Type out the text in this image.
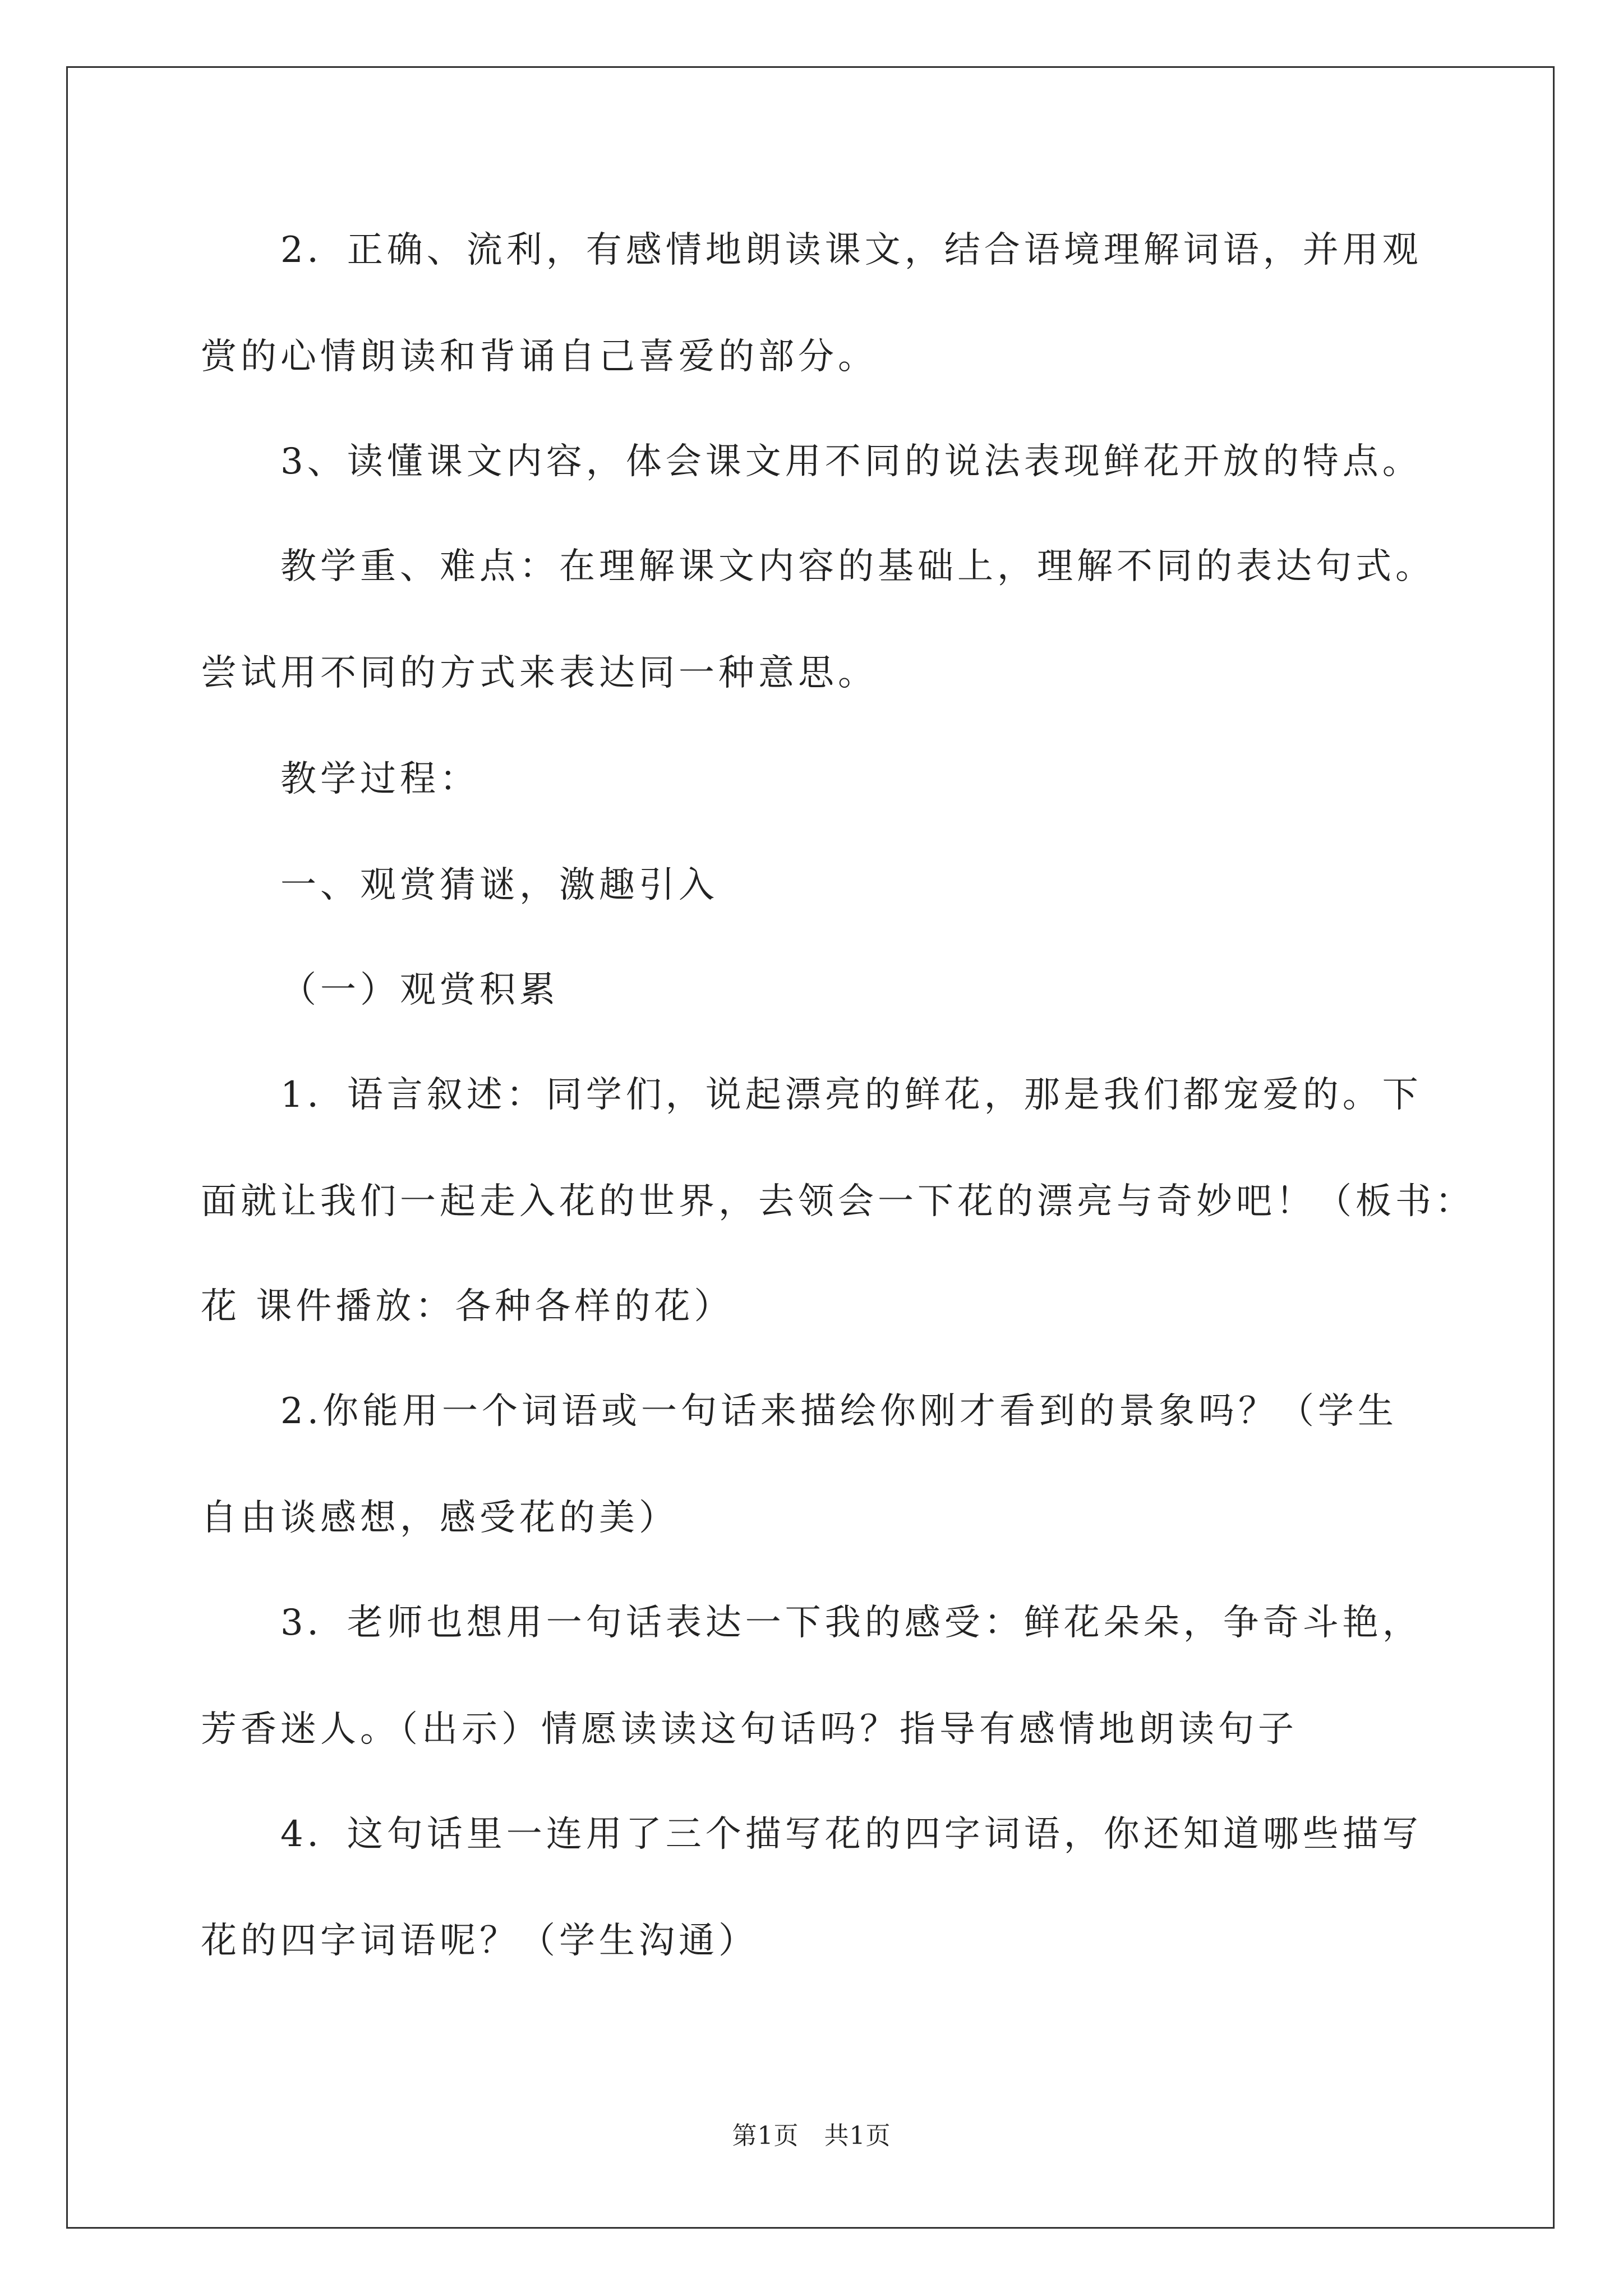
2．正确、流利，有感情地朗读课文，结合语境理解词语，并用观
赏的心情朗读和背诵自己喜爱的部分。
3、读懂课文内容，体会课文用不同的说法表现鲜花开放的特点。
教学重、难点：在理解课文内容的基础上，理解不同的表达句式。
尝试用不同的方式来表达同一种意思。
教学过程：
一、观赏猜谜，激趣引入
（一）观赏积累
1．语言叙述：同学们，说起漂亮的鲜花，那是我们都宠爱的。下
面就让我们一起走入花的世界，去领会一下花的漂亮与奇妙吧！（板书：
花 课件播放：各种各样的花）
2.你能用一个词语或一句话来描绘你刚才看到的景象吗？（学生
自由谈感想，感受花的美）
3．老师也想用一句话表达一下我的感受：鲜花朵朵，争奇斗艳，
芳香迷人。（出示）情愿读读这句话吗？指导有感情地朗读句子
4．这句话里一连用了三个描写花的四字词语，你还知道哪些描写
花的四字词语呢？（学生沟通）
第1页　共1页
